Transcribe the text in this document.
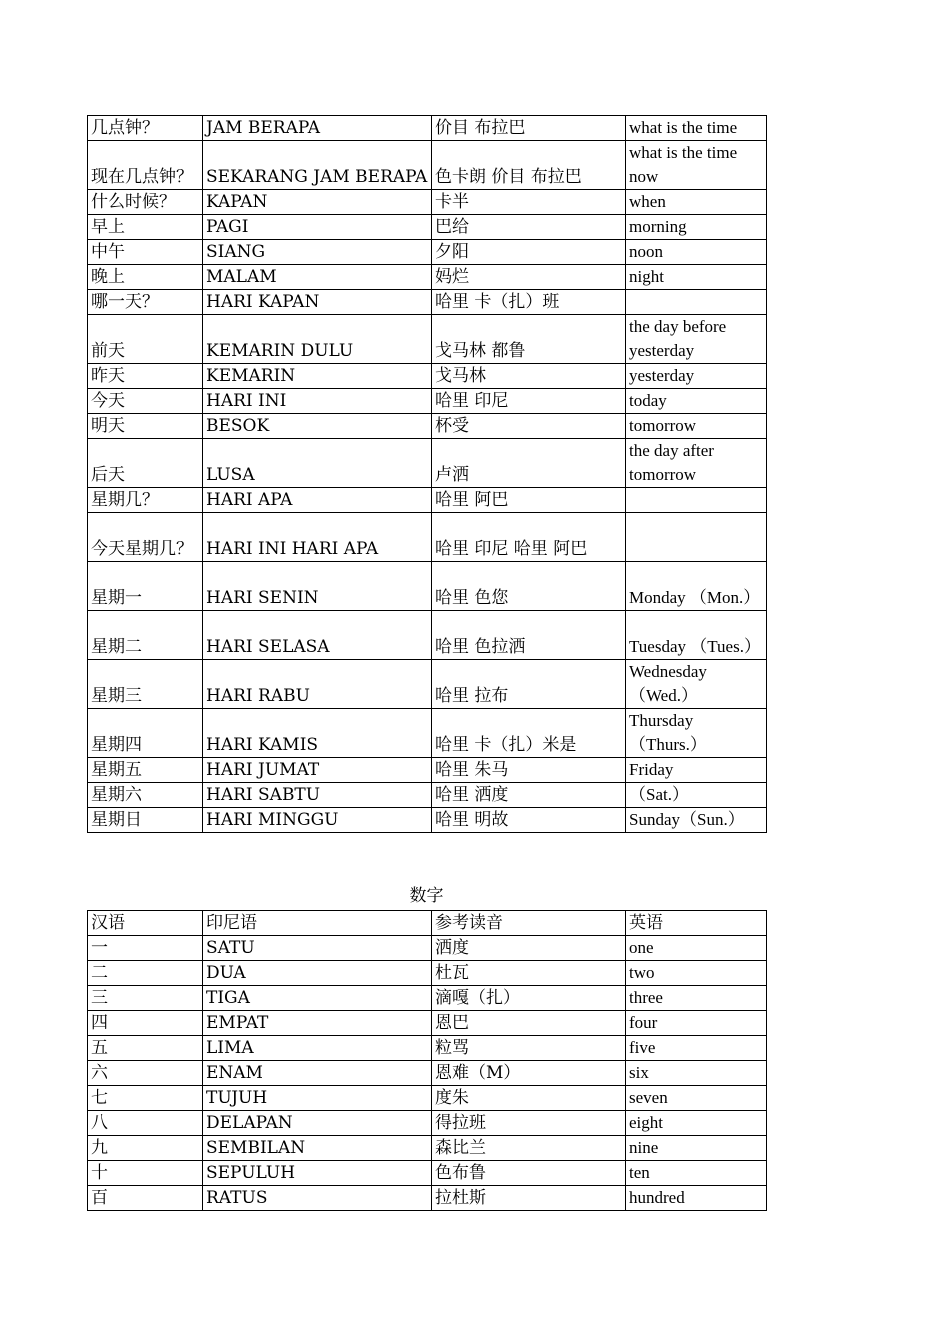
几点钟？	JAM BERAPA	价目 布拉巴	what is the time
现在几点钟？	SEKARANG JAM BERAPA	色卡朗 价目 布拉巴	what is the time now
什么时候？	KAPAN	卡半	when
早上	PAGI	巴给	morning
中午	SIANG	夕阳	noon
晚上	MALAM	妈烂	night
哪一天？	HARI KAPAN	哈里 卡（扎）班	
前天	KEMARIN DULU	戈马林 都鲁	the day before yesterday
昨天	KEMARIN	戈马林	yesterday
今天	HARI INI	哈里 印尼	today
明天	BESOK	杯受	tomorrow
后天	LUSA	卢洒	the day after tomorrow
星期几？	HARI APA	哈里 阿巴	
今天星期几？	HARI INI HARI APA	哈里 印尼 哈里 阿巴	
星期一	HARI SENIN	哈里 色您	Monday （Mon.）
星期二	HARI SELASA	哈里 色拉洒	Tuesday （Tues.）
星期三	HARI RABU	哈里 拉布	Wednesday （Wed.）
星期四	HARI KAMIS	哈里 卡（扎）米是	Thursday （Thurs.）
星期五	HARI JUMAT	哈里 朱马	Friday
星期六	HARI SABTU	哈里 洒度	（Sat.）
星期日	HARI MINGGU	哈里 明故	Sunday（Sun.）
数字
汉语	印尼语	参考读音	英语
一	SATU	洒度	one
二	DUA	杜瓦	two
三	TIGA	滴嘎（扎）	three
四	EMPAT	恩巴	four
五	LIMA	粒骂	five
六	ENAM	恩难（M）	six
七	TUJUH	度朱	seven
八	DELAPAN	得拉班	eight
九	SEMBILAN	森比兰	nine
十	SEPULUH	色布鲁	ten
百	RATUS	拉杜斯	hundred
